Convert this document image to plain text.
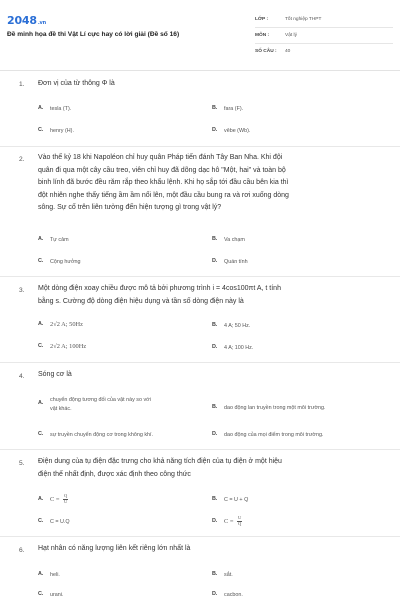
2048.vn
Đề minh họa đề thi Vật Lí cực hay có lời giải (Đề số 16)
LỚP :	Tốt nghiệp THPT
MÔN :	Vật lý
SỐ CÂU :	40
1. Đơn vị của từ thông Φ là
A.	tesla (T).	B.	fara (F).
C.	henry (H).	D.	vêbe (Wb).
2. Vào thế kỷ 18 khi Napoléon chỉ huy quân Pháp tiến đánh Tây Ban Nha. Khi đội
quân đi qua một cây cầu treo, viên chỉ huy đã dõng dạc hô "Một, hai" và toàn bộ
binh lính đã bước đều răm rắp theo khẩu lệnh. Khi họ sắp tới đầu cầu bên kia thì
đột nhiên nghe thấy tiếng ầm ầm nổi lên, một đầu cầu bung ra và rơi xuống dòng
sông. Sự cố trên liên tưởng đến hiện tượng gì trong vật lý?
A.	Tự cảm	B.	Va chạm
C.	Cộng hưởng	D.	Quán tính
3. Một dòng điện xoay chiều được mô tả bởi phương trình i = 4cos100πt A, t tính
bằng s. Cường độ dòng điện hiệu dụng và tần số dòng điện này là
A.	2√2 A; 50Hz	B.	4 A; 50 Hz.
C.	2√2 A; 100Hz	D.	4 A; 100 Hz.
4. Sóng cơ là
A.	chuyển động tương đối của vật này so với
vật khác.	B.	dao động lan truyền trong một môi trường.
C.	sự truyền chuyển động cơ trong không khí.	D.	dao động của mọi điểm trong môi trường.
5. Điện dung của tụ điện đặc trưng cho khả năng tích điện của tụ điện ở một hiệu
điện thế nhất định, được xác định theo công thức
A.	$C = \frac{Q}{U}$	B.	C = U + Q
C.	C = U.Q	D.	$C = \frac{U}{Q}$
6. Hạt nhân có năng lượng liên kết riêng lớn nhất là
A.	heli.	B.	sắt.
C.	urani.	D.	cacbon.
